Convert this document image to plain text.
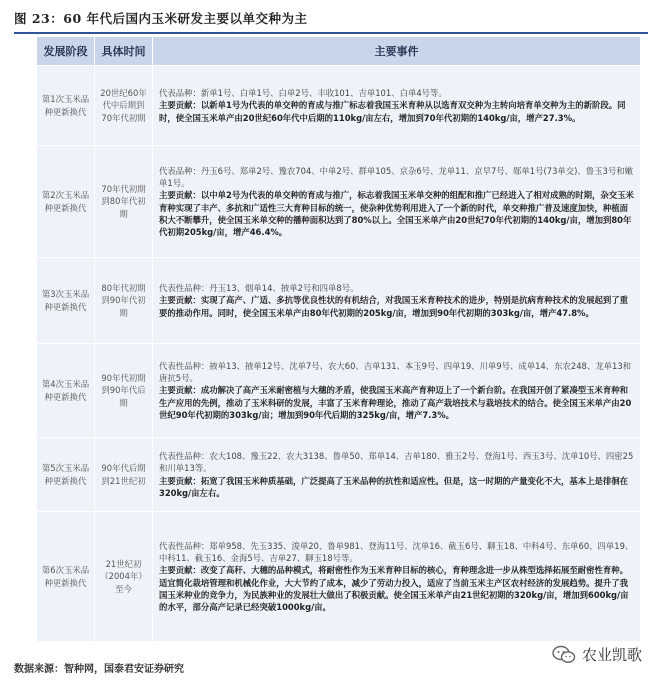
图 23：60 年代后国内玉米研发主要以单交种为主
发展阶段	具体时间	主要事件
第1次玉米品种更新换代	20世纪60年代中后期到70年代初期	代表品种：新单1号、白单1号、白单2号、丰收101、吉单101、白单4号等。
主要贡献：以新单1号为代表的单交种的育成与推广标志着我国玉米育种从以选育双交种为主转向培育单交种为主的新阶段。同时，使全国玉米单产由20世纪60年代中后期的110kg/亩左右，增加到70年代初期的140kg/亩，增产27.3%。

第2次玉米品种更新换代	70年代初期到80年代初期	代表品种：丹玉6号、郑单2号、豫农704、中单2号、群单105、京杂6号、龙单11、京早7号、郧单1号(73单交)、鲁玉3号和嫩单1号。
主要贡献：以中单2号为代表的单交种的育成与推广，标志着我国玉米单交种的组配和推广已经进入了相对成熟的时期，杂交玉米育种实现了丰产、多抗和广适性三大育种目标的统一，使杂种优势利用进入了一个新的时代，单交种推广普及速度加快，种植面积大不断攀升，使全国玉米单交种的播种面积达到了80%以上。全国玉米单产由20世纪70年代初期的140kg/亩，增加到80年代初期205kg/亩，增产46.4%。

第3次玉米品种更新换代	80年代初期到90年代初期	代表性品种：丹玉13、烟单14、掖单2号和四单8号。
主要贡献：实现了高产、广适、多抗等优良性状的有机结合，对我国玉米育种技术的进步，特别是抗病育种技术的发展起到了重要的推动作用。同时，使全国玉米单产由80年代初期的205kg/亩，增加到90年代初期的303kg/亩，增产47.8%。

第4次玉米品种更新换代	90年代初期到90年代后期	代表性品种：掖单13、掖单12号、沈单7号、农大60、吉单131、本玉9号、四单19、川单9号、成单14、东农248、龙单13和唐抗5号。
主要贡献：成功解决了高产玉米耐密植与大穗的矛盾，使我国玉米高产育种迈上了一个新台阶。在我国开创了紧凑型玉米育种和生产应用的先例，推动了玉米科研的发展，丰富了玉米育种理论，推动了高产栽培技术与栽培技术的结合。使全国玉米单产由20世纪90年代初期的303kg/亩；增加到90年代后期的325kg/亩，增产7.3%。

第5次玉米品种更新换代	90年代后期到21世纪初	代表性品种：农大108、豫玉22、农大3138、鲁单50、郑单14、吉单180、雅玉2号、登海1号、西玉3号、沈单10号、四密25和川单13等。
主要贡献：拓宽了我国玉米种质基础，广泛提高了玉米品种的抗性和适应性。但是，这一时期的产量变化不大，基本上是徘徊在320kg/亩左右。

第6次玉米品种更新换代	21世纪初（2004年）至今	代表性品种：郑单958、先玉335、浚单20、鲁单981、登海11号、沈单16、截玉6号、聊玉18、中科4号、东单60、四单19、中科11、截玉16、金海5号、吉单27、聊玉18号等。
主要贡献：改变了高秆、大穗的品种模式，将耐密性作为玉米育种目标的核心，育种理念进一步从株型选择拓展至耐密性育种。适宜简化栽培管理和机械化作业，大大节约了成本，减少了劳动力投入，适应了当前玉米主产区农村经济的发展趋势。提升了我国玉米种业的竞争力，为民族种业的发展壮大做出了积极贡献。使全国玉米单产由21世纪初期的320kg/亩，增加到600kg/亩的水平，部分高产记录已经突破1000kg/亩。
数据来源：智种网，国泰君安证券研究
农业凯歌
